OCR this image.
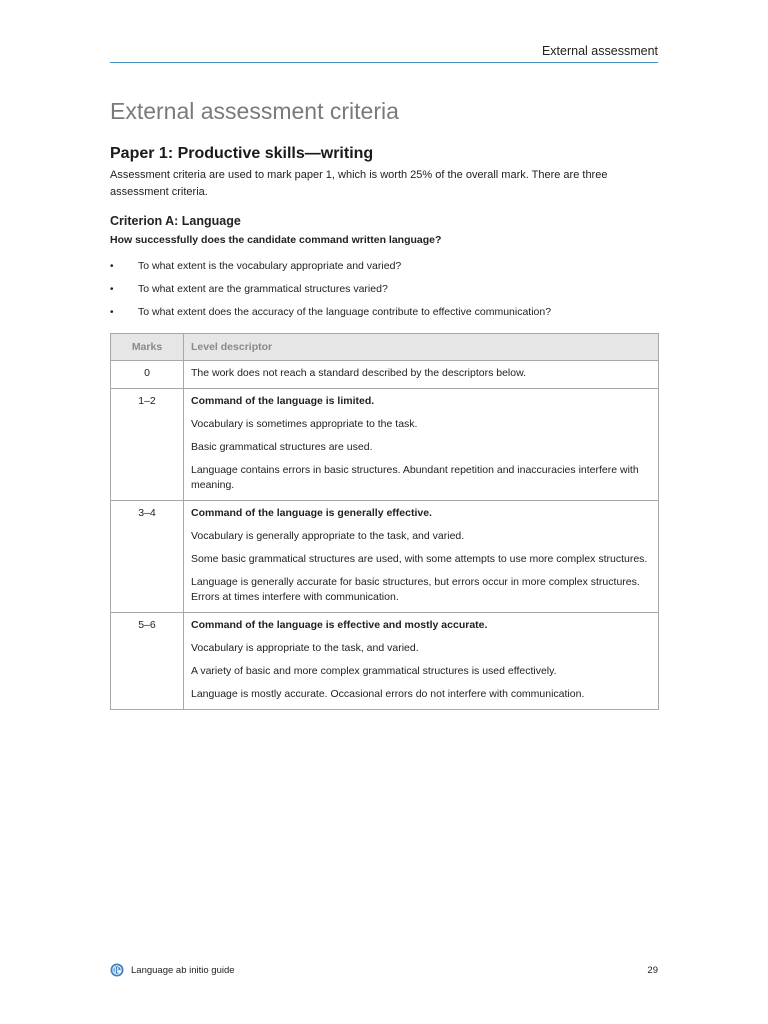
External assessment
External assessment criteria
Paper 1: Productive skills—writing

Assessment criteria are used to mark paper 1, which is worth 25% of the overall mark. There are three assessment criteria.

Criterion A: Language

How successfully does the candidate command written language?

• To what extent is the vocabulary appropriate and varied?
• To what extent are the grammatical structures varied?
• To what extent does the accuracy of the language contribute to effective communication?
Marks	Level descriptor
0	The work does not reach a standard described by the descriptors below.

1–2	Command of the language is limited.

Vocabulary is sometimes appropriate to the task.

Basic grammatical structures are used.

Language contains errors in basic structures. Abundant repetition and inaccuracies interfere with meaning.

3–4	Command of the language is generally effective.

Vocabulary is generally appropriate to the task, and varied.

Some basic grammatical structures are used, with some attempts to use more complex structures.

Language is generally accurate for basic structures, but errors occur in more complex structures. Errors at times interfere with communication.

5–6	Command of the language is effective and mostly accurate.

Vocabulary is appropriate to the task, and varied.

A variety of basic and more complex grammatical structures is used effectively.

Language is mostly accurate. Occasional errors do not interfere with communication.

Language ab initio guide	29
